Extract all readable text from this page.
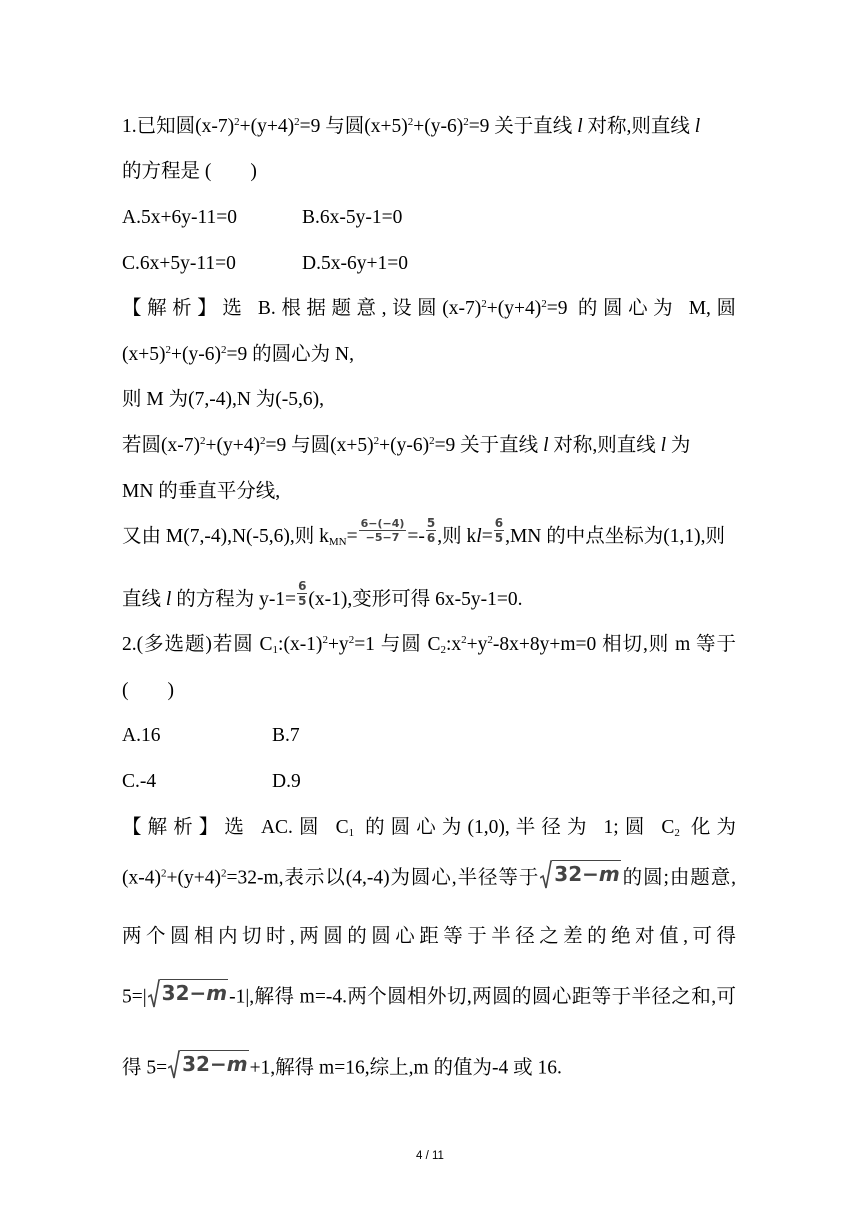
1.已知圆$(x-7)^2+(y+4)^2=9$ 与圆$(x+5)^2+(y-6)^2=9$ 关于直线 l 对称,则直线 l
的方程是 (　　)
A.5x+6y-11=0	B.6x-5y-1=0
C.6x+5y-11=0	D.5x-6y+1=0
【解析】选 B.根据题意,设圆$(x-7)^2+(y+4)^2=9$ 的圆心为 M,圆
$(x+5)^2+(y-6)^2=9$ 的圆心为 N,
则 M 为(7,-4),N 为(-5,6),
若圆$(x-7)^2+(y+4)^2=9$ 与圆$(x+5)^2+(y-6)^2=9$ 关于直线 l 对称,则直线 l 为
MN 的垂直平分线,
又由 M(7,-4),N(-5,6),则 $k_{MN}= \frac{6-(-4)}{-5-7} =- \frac{5}{6}$ ,则 $kl= \frac{6}{5} ,MN$ 的中点坐标为(1,1),则
直线 l 的方程为 $y-1= \frac{6}{5} (x-1)$,变形可得 6x-5y-1=0.
2.(多选题)若圆 $C_1:(x-1)^2+y^2=1$ 与圆 $C_2:x^2+y^2-8x+8y+m=0$ 相切,则 m 等于
(　　)
A.16	B.7
C.-4	D.9
【解析】选 AC.圆 $C_1$ 的圆心为(1,0),半径为 1;圆 $C_2$ 化为
$(x-4)^2+(y+4)^2=32-m$,表示以(4,-4)为圆心,半径等于 32−m 的圆;由题意,
两个圆相内切时,两圆的圆心距等于半径之差的绝对值,可得
5=| 32−m -1|,解得 m=-4.两个圆相外切,两圆的圆心距等于半径之和,可
得 5= 32−m +1,解得 m=16,综上,m 的值为-4 或 16.
4 / 11
